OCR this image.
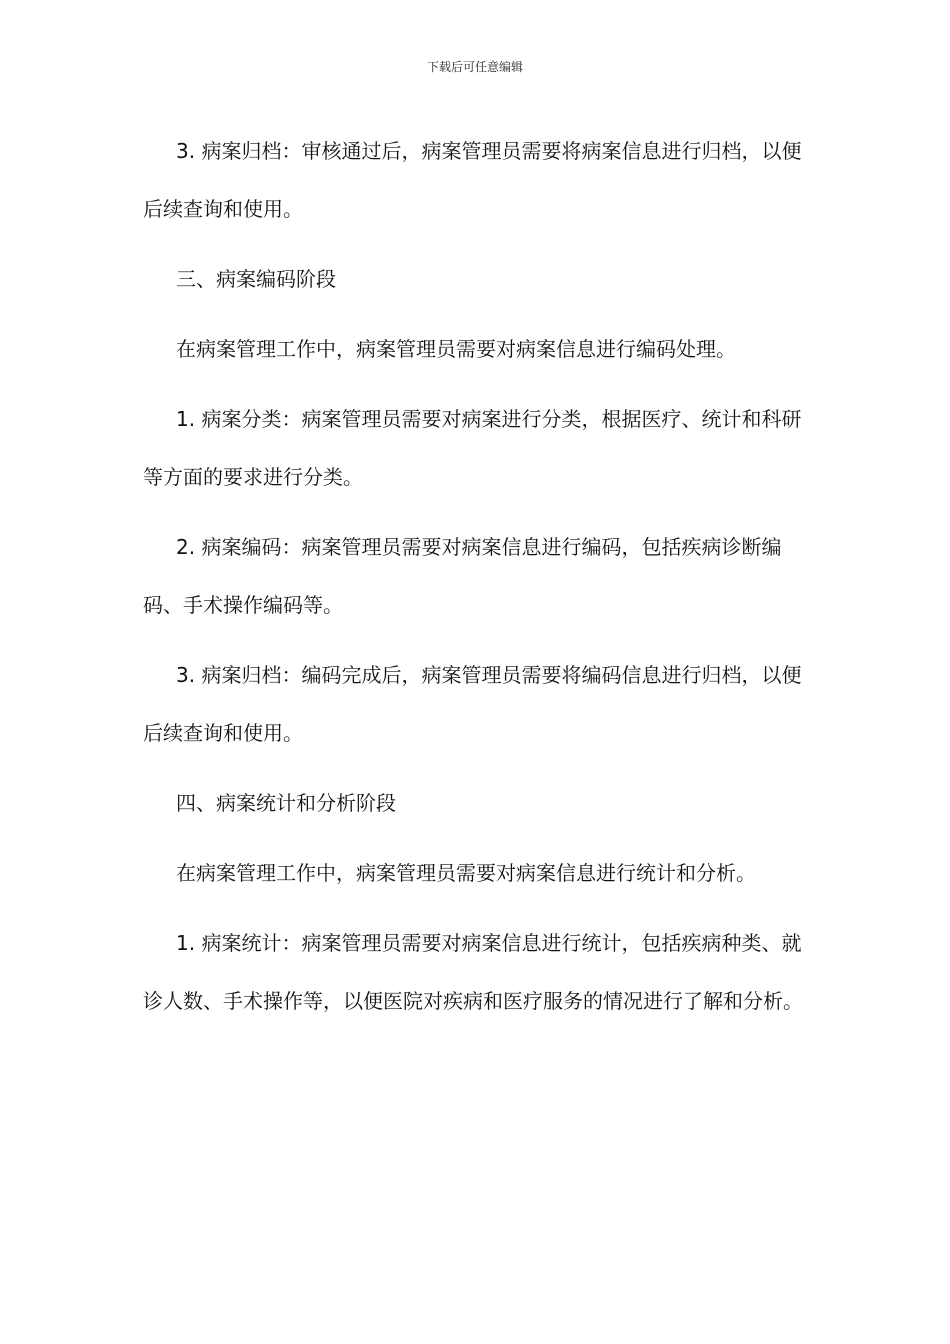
下载后可任意编辑

3. 病案归档：审核通过后，病案管理员需要将病案信息进行归档，以便后续查询和使用。

三、病案编码阶段

在病案管理工作中，病案管理员需要对病案信息进行编码处理。

1. 病案分类：病案管理员需要对病案进行分类，根据医疗、统计和科研等方面的要求进行分类。

2. 病案编码：病案管理员需要对病案信息进行编码，包括疾病诊断编码、手术操作编码等。

3. 病案归档：编码完成后，病案管理员需要将编码信息进行归档，以便后续查询和使用。

四、病案统计和分析阶段

在病案管理工作中，病案管理员需要对病案信息进行统计和分析。

1. 病案统计：病案管理员需要对病案信息进行统计，包括疾病种类、就诊人数、手术操作等，以便医院对疾病和医疗服务的情况进行了解和分析。
